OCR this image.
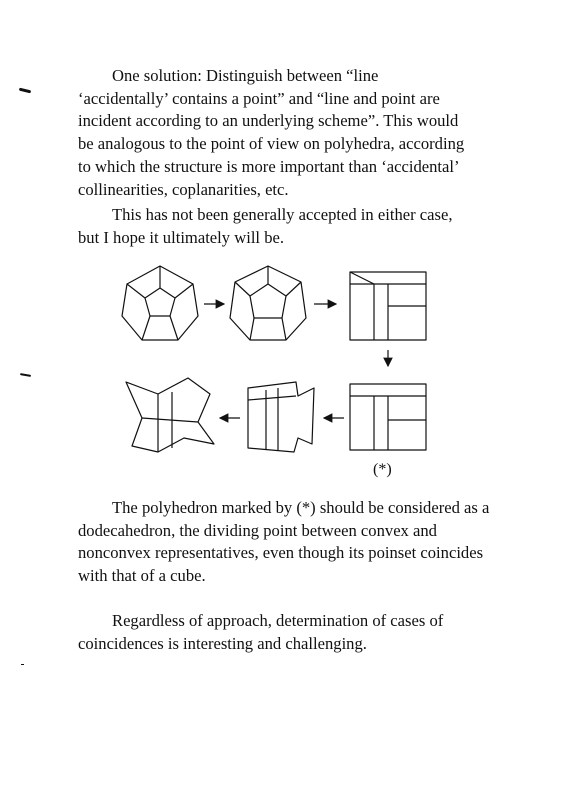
One solution: Distinguish between “line
‘accidentally’ contains a point” and “line and point are
incident according to an underlying scheme”. This would
be analogous to the point of view on polyhedra, according
to which the structure is more important than ‘accidental’
collinearities, coplanarities, etc.
This has not been generally accepted in either case,
but I hope it ultimately will be.
(*)
The polyhedron marked by (*) should be considered as a
dodecahedron, the dividing point between convex and
nonconvex representatives, even though its poinset coincides
with that of a cube.
Regardless of approach, determination of cases of
coincidences is interesting and challenging.
